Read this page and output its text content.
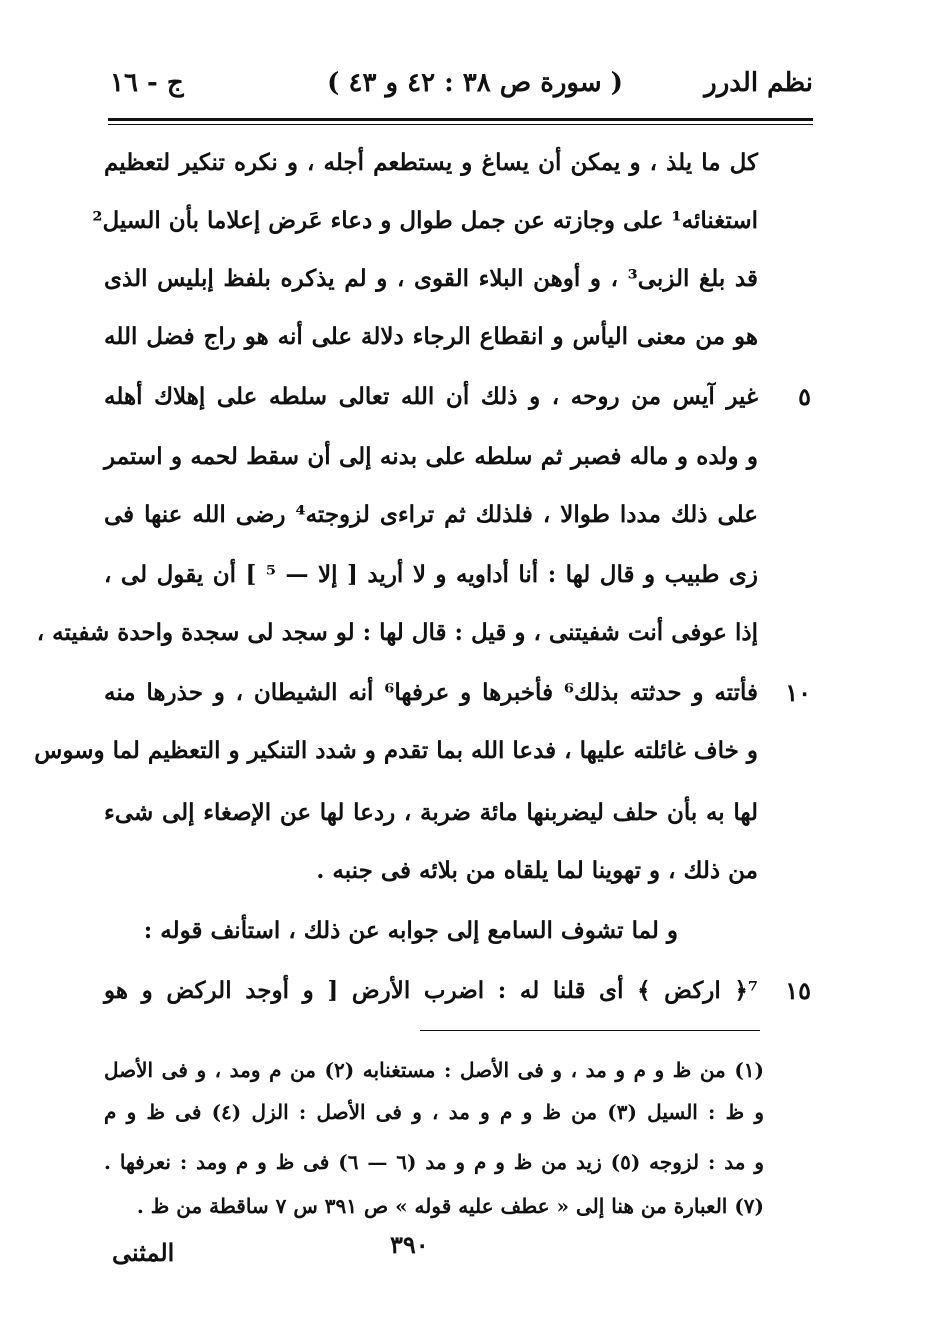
نظم الدرر
( سورة ص ٣٨ : ٤٢ و ٤٣ )
ج - ١٦
كل ما يلذ ، و يمكن أن يساغ و يستطعم أجله ، و نكره تنكير لتعظيم
استغنائه¹ على وجازته عن جمل طوال و دعاء عَرض إعلاما بأن السيل²
قد بلغ الزبى³ ، و أوهن البلاء القوى ، و لم يذكره بلفظ إبليس الذى
هو من معنى اليأس و انقطاع الرجاء دلالة على أنه هو راج فضل الله
غير آيس من روحه ، و ذلك أن الله تعالى سلطه على إهلاك أهله
و ولده و ماله فصبر ثم سلطه على بدنه إلى أن سقط لحمه و استمر
على ذلك مددا طوالا ، فلذلك ثم تراءى لزوجته⁴ رضى الله عنها فى
زى طبيب و قال لها : أنا أداويه و لا أريد [ إلا — ⁵ ] أن يقول لى ،
إذا عوفى أنت شفيتنى ، و قيل : قال لها : لو سجد لى سجدة واحدة شفيته ،
فأتته و حدثته بذلك⁶ فأخبرها و عرفها⁶ أنه الشيطان ، و حذرها منه
و خاف غائلته عليها ، فدعا الله بما تقدم و شدد التنكير و التعظيم لما وسوس
لها به بأن حلف ليضربنها مائة ضربة ، ردعا لها عن الإصغاء إلى شىء
من ذلك ، و تهوينا لما يلقاه من بلائه فى جنبه .
و لما تشوف السامع إلى جوابه عن ذلك ، استأنف قوله :
⁷﴿ اركض ﴾ أى قلنا له : اضرب الأرض [ و أوجد الركض و هو
٥
١٠
١٥
(١) من ظ و م و مد ، و فى الأصل : مستغنابه (٢) من م ومد ، و فى الأصل
و ظ : السيل (٣) من ظ و م و مد ، و فى الأصل : الزل (٤) فى ظ و م
و مد : لزوجه (٥) زيد من ظ و م و مد (٦ — ٦) فى ظ و م ومد : نعرفها .
(٧) العبارة من هنا إلى « عطف عليه قوله » ص ٣٩١ س ٧ ساقطة من ظ .
٣٩٠
المثنى
